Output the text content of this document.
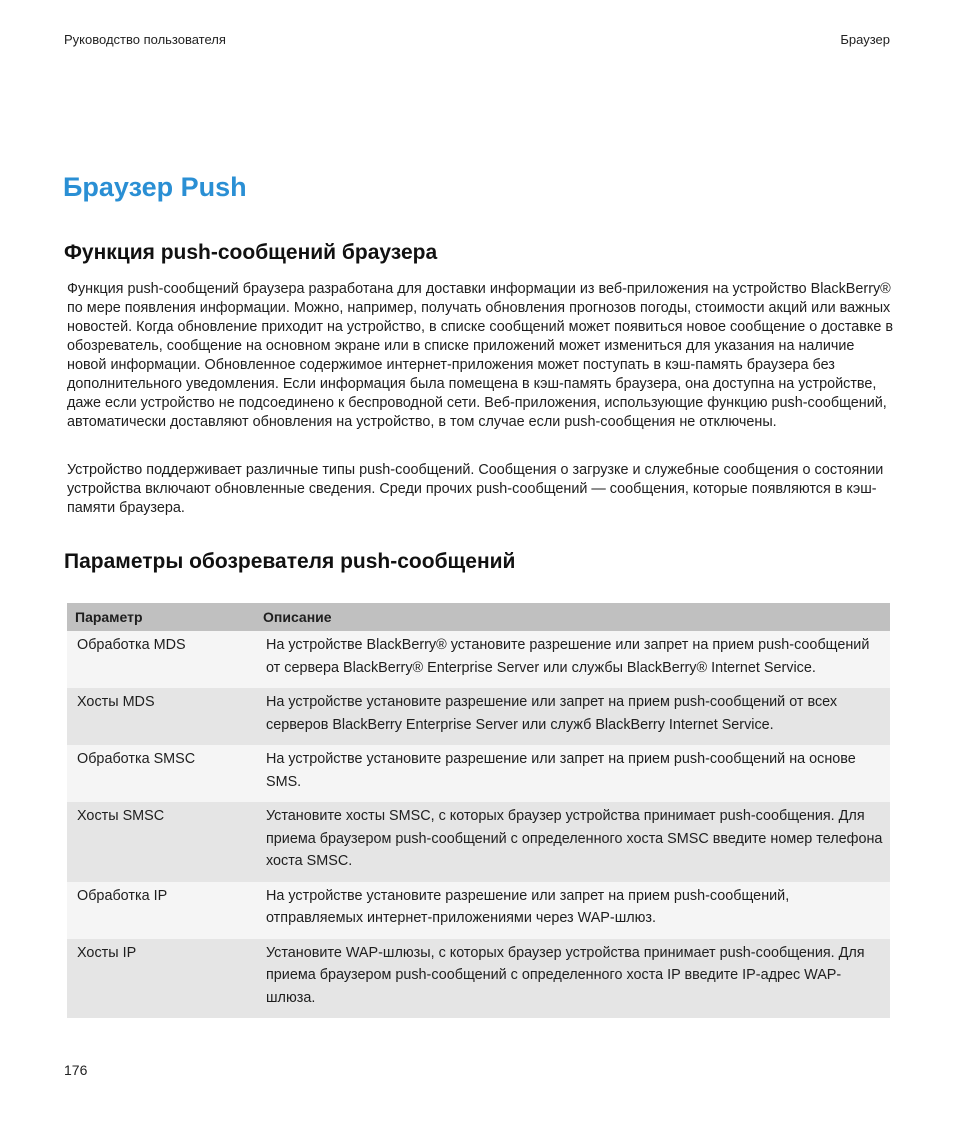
Руководство пользователя	Браузер
Браузер Push
Функция push-сообщений браузера

Функция push-сообщений браузера разработана для доставки информации из веб-приложения на устройство BlackBerry® по мере появления информации. Можно, например, получать обновления прогнозов погоды, стоимости акций или важных новостей. Когда обновление приходит на устройство, в списке сообщений может появиться новое сообщение о доставке в обозреватель, сообщение на основном экране или в списке приложений может измениться для указания на наличие новой информации. Обновленное содержимое интернет-приложения может поступать в кэш-память браузера без дополнительного уведомления. Если информация была помещена в кэш-память браузера, она доступна на устройстве, даже если устройство не подсоединено к беспроводной сети. Веб-приложения, использующие функцию push-сообщений, автоматически доставляют обновления на устройство, в том случае если push-сообщения не отключены.

Устройство поддерживает различные типы push-сообщений. Сообщения о загрузке и служебные сообщения о состоянии устройства включают обновленные сведения. Среди прочих push-сообщений — сообщения, которые появляются в кэш-памяти браузера.

Параметры обозревателя push-сообщений
Параметр	Описание
Обработка MDS	На устройстве BlackBerry® установите разрешение или запрет на прием push-сообщений от сервера BlackBerry® Enterprise Server или службы BlackBerry® Internet Service.
Хосты MDS	На устройстве установите разрешение или запрет на прием push-сообщений от всех серверов BlackBerry Enterprise Server или служб BlackBerry Internet Service.
Обработка SMSC	На устройстве установите разрешение или запрет на прием push-сообщений на основе SMS.
Хосты SMSC	Установите хосты SMSC, с которых браузер устройства принимает push-сообщения. Для приема браузером push-сообщений с определенного хоста SMSC введите номер телефона хоста SMSC.
Обработка IP	На устройстве установите разрешение или запрет на прием push-сообщений, отправляемых интернет-приложениями через WAP-шлюз.
Хосты IP	Установите WAP-шлюзы, с которых браузер устройства принимает push-сообщения. Для приема браузером push-сообщений с определенного хоста IP введите IP-адрес WAP-шлюза.
176
